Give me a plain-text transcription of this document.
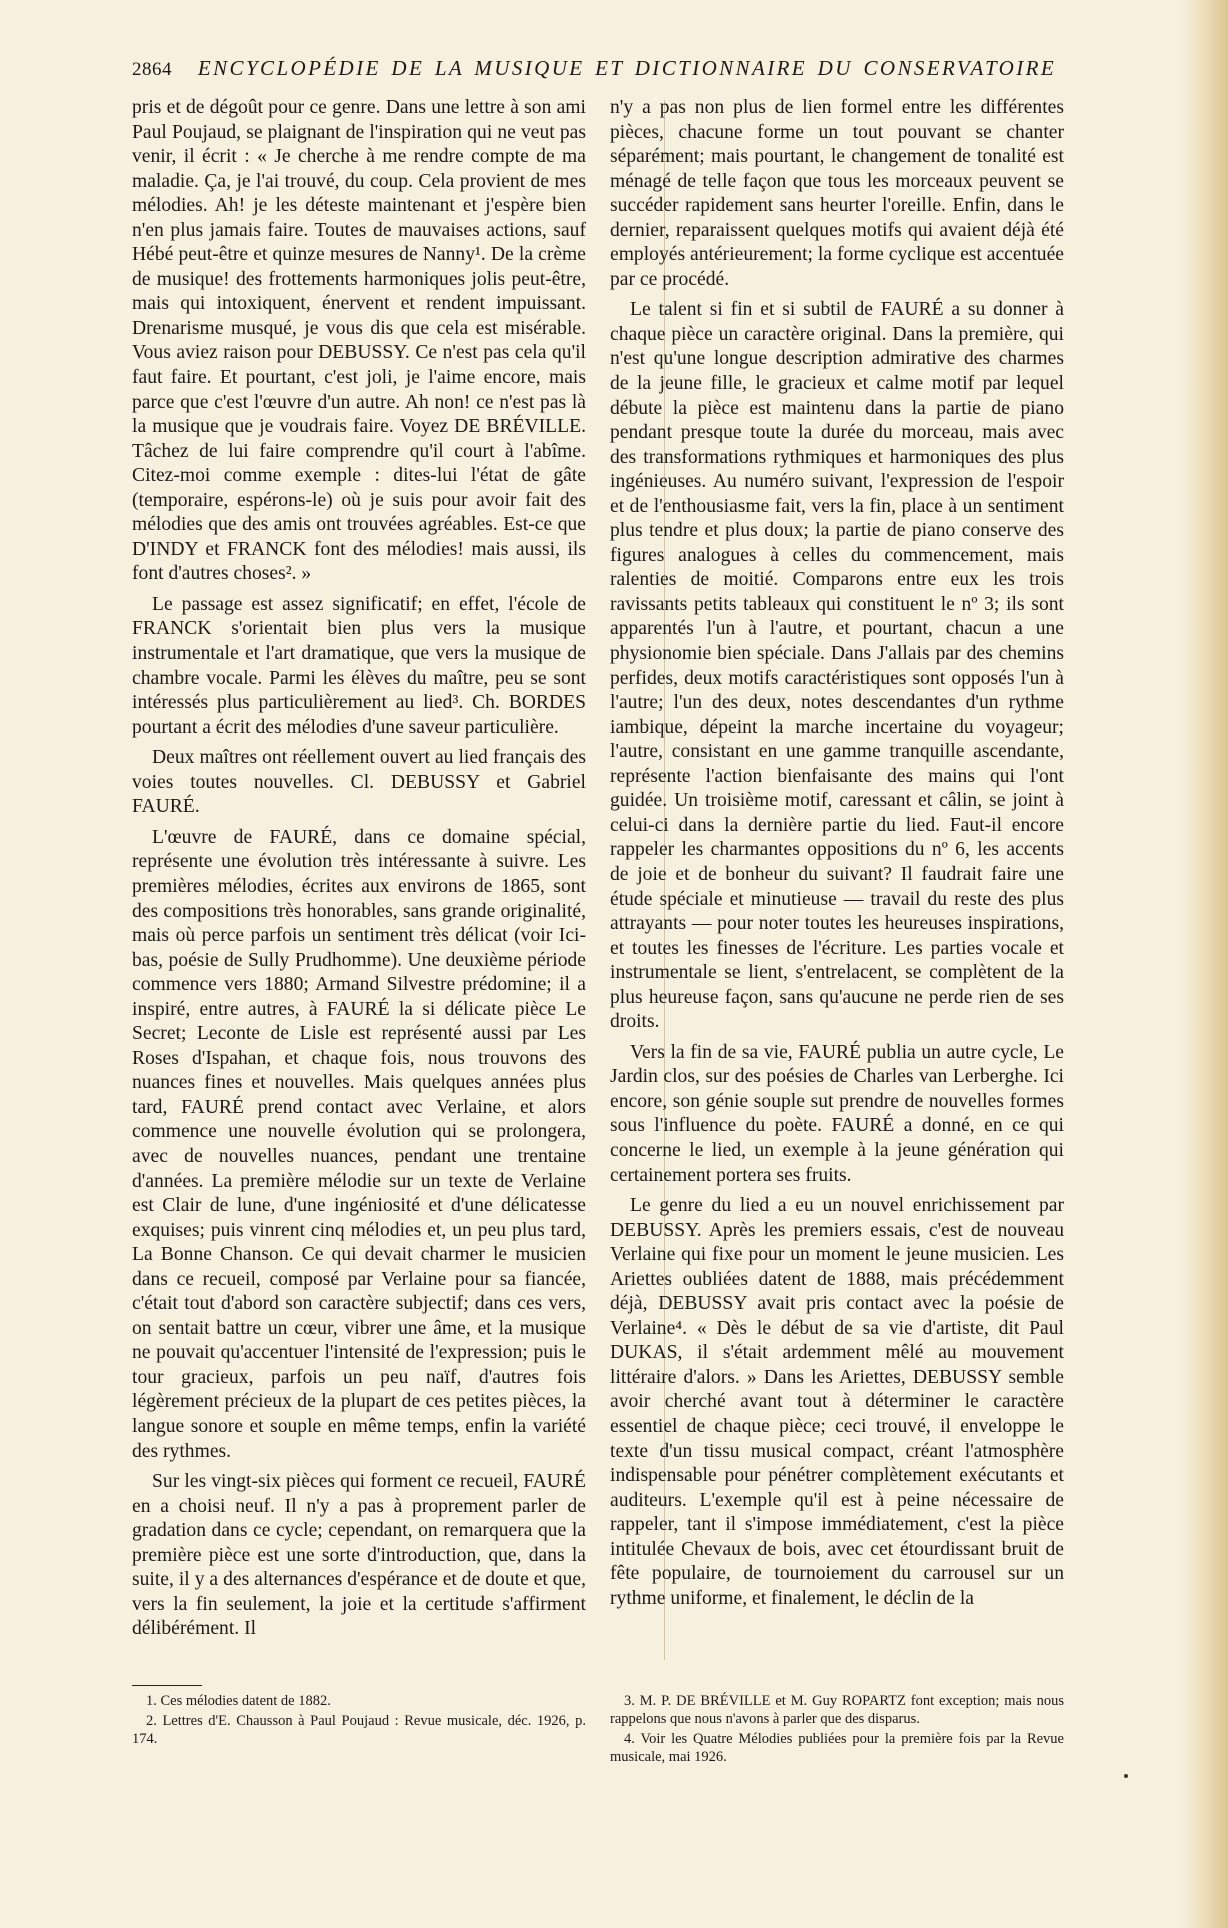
2864	ENCYCLOPÉDIE DE LA MUSIQUE ET DICTIONNAIRE DU CONSERVATOIRE

pris et de dégoût pour ce genre. Dans une lettre à son ami Paul Poujaud, se plaignant de l'inspiration qui ne veut pas venir, il écrit : « Je cherche à me rendre compte de ma maladie. Ça, je l'ai trouvé, du coup. Cela provient de mes mélodies. Ah! je les déteste maintenant et j'espère bien n'en plus jamais faire. Toutes de mauvaises actions, sauf Hébé peut-être et quinze mesures de Nanny¹. De la crème de musique! des frottements harmoniques jolis peut-être, mais qui intoxiquent, énervent et rendent impuissant. Drenarisme musqué, je vous dis que cela est misérable. Vous aviez raison pour DEBUSSY. Ce n'est pas cela qu'il faut faire. Et pourtant, c'est joli, je l'aime encore, mais parce que c'est l'œuvre d'un autre. Ah non! ce n'est pas là la musique que je voudrais faire. Voyez DE BRÉVILLE. Tâchez de lui faire comprendre qu'il court à l'abîme. Citez-moi comme exemple : dites-lui l'état de gâte (temporaire, espérons-le) où je suis pour avoir fait des mélodies que des amis ont trouvées agréables. Est-ce que D'INDY et FRANCK font des mélodies! mais aussi, ils font d'autres choses². »

Le passage est assez significatif; en effet, l'école de FRANCK s'orientait bien plus vers la musique instrumentale et l'art dramatique, que vers la musique de chambre vocale. Parmi les élèves du maître, peu se sont intéressés plus particulièrement au lied³. Ch. BORDES pourtant a écrit des mélodies d'une saveur particulière.

Deux maîtres ont réellement ouvert au lied français des voies toutes nouvelles. Cl. DEBUSSY et Gabriel FAURÉ.

L'œuvre de FAURÉ, dans ce domaine spécial, représente une évolution très intéressante à suivre. Les premières mélodies, écrites aux environs de 1865, sont des compositions très honorables, sans grande originalité, mais où perce parfois un sentiment très délicat (voir Ici-bas, poésie de Sully Prudhomme). Une deuxième période commence vers 1880; Armand Silvestre prédomine; il a inspiré, entre autres, à FAURÉ la si délicate pièce Le Secret; Leconte de Lisle est représenté aussi par Les Roses d'Ispahan, et chaque fois, nous trouvons des nuances fines et nouvelles. Mais quelques années plus tard, FAURÉ prend contact avec Verlaine, et alors commence une nouvelle évolution qui se prolongera, avec de nouvelles nuances, pendant une trentaine d'années. La première mélodie sur un texte de Verlaine est Clair de lune, d'une ingéniosité et d'une délicatesse exquises; puis vinrent cinq mélodies et, un peu plus tard, La Bonne Chanson. Ce qui devait charmer le musicien dans ce recueil, composé par Verlaine pour sa fiancée, c'était tout d'abord son caractère subjectif; dans ces vers, on sentait battre un cœur, vibrer une âme, et la musique ne pouvait qu'accentuer l'intensité de l'expression; puis le tour gracieux, parfois un peu naïf, d'autres fois légèrement précieux de la plupart de ces petites pièces, la langue sonore et souple en même temps, enfin la variété des rythmes.

Sur les vingt-six pièces qui forment ce recueil, FAURÉ en a choisi neuf. Il n'y a pas à proprement parler de gradation dans ce cycle; cependant, on remarquera que la première pièce est une sorte d'introduction, que, dans la suite, il y a des alternances d'espérance et de doute et que, vers la fin seulement, la joie et la certitude s'affirment délibérément. Il

n'y a pas non plus de lien formel entre les différentes pièces, chacune forme un tout pouvant se chanter séparément; mais pourtant, le changement de tonalité est ménagé de telle façon que tous les morceaux peuvent se succéder rapidement sans heurter l'oreille. Enfin, dans le dernier, reparaissent quelques motifs qui avaient déjà été employés antérieurement; la forme cyclique est accentuée par ce procédé.

Le talent si fin et si subtil de FAURÉ a su donner à chaque pièce un caractère original. Dans la première, qui n'est qu'une longue description admirative des charmes de la jeune fille, le gracieux et calme motif par lequel débute la pièce est maintenu dans la partie de piano pendant presque toute la durée du morceau, mais avec des transformations rythmiques et harmoniques des plus ingénieuses. Au numéro suivant, l'expression de l'espoir et de l'enthousiasme fait, vers la fin, place à un sentiment plus tendre et plus doux; la partie de piano conserve des figures analogues à celles du commencement, mais ralenties de moitié. Comparons entre eux les trois ravissants petits tableaux qui constituent le nº 3; ils sont apparentés l'un à l'autre, et pourtant, chacun a une physionomie bien spéciale. Dans J'allais par des chemins perfides, deux motifs caractéristiques sont opposés l'un à l'autre; l'un des deux, notes descendantes d'un rythme iambique, dépeint la marche incertaine du voyageur; l'autre, consistant en une gamme tranquille ascendante, représente l'action bienfaisante des mains qui l'ont guidée. Un troisième motif, caressant et câlin, se joint à celui-ci dans la dernière partie du lied. Faut-il encore rappeler les charmantes oppositions du nº 6, les accents de joie et de bonheur du suivant? Il faudrait faire une étude spéciale et minutieuse — travail du reste des plus attrayants — pour noter toutes les heureuses inspirations, et toutes les finesses de l'écriture. Les parties vocale et instrumentale se lient, s'entrelacent, se complètent de la plus heureuse façon, sans qu'aucune ne perde rien de ses droits.

Vers la fin de sa vie, FAURÉ publia un autre cycle, Le Jardin clos, sur des poésies de Charles van Lerberghe. Ici encore, son génie souple sut prendre de nouvelles formes sous l'influence du poète. FAURÉ a donné, en ce qui concerne le lied, un exemple à la jeune génération qui certainement portera ses fruits.

Le genre du lied a eu un nouvel enrichissement par DEBUSSY. Après les premiers essais, c'est de nouveau Verlaine qui fixe pour un moment le jeune musicien. Les Ariettes oubliées datent de 1888, mais précédemment déjà, DEBUSSY avait pris contact avec la poésie de Verlaine⁴. « Dès le début de sa vie d'artiste, dit Paul DUKAS, il s'était ardemment mêlé au mouvement littéraire d'alors. » Dans les Ariettes, DEBUSSY semble avoir cherché avant tout à déterminer le caractère essentiel de chaque pièce; ceci trouvé, il enveloppe le texte d'un tissu musical compact, créant l'atmosphère indispensable pour pénétrer complètement exécutants et auditeurs. L'exemple qu'il est à peine nécessaire de rappeler, tant il s'impose immédiatement, c'est la pièce intitulée Chevaux de bois, avec cet étourdissant bruit de fête populaire, de tournoiement du carrousel sur un rythme uniforme, et finalement, le déclin de la

1. Ces mélodies datent de 1882.

2. Lettres d'E. Chausson à Paul Poujaud : Revue musicale, déc. 1926, p. 174.

3. M. P. DE BRÉVILLE et M. Guy ROPARTZ font exception; mais nous rappelons que nous n'avons à parler que des disparus.

4. Voir les Quatre Mélodies publiées pour la première fois par la Revue musicale, mai 1926.
